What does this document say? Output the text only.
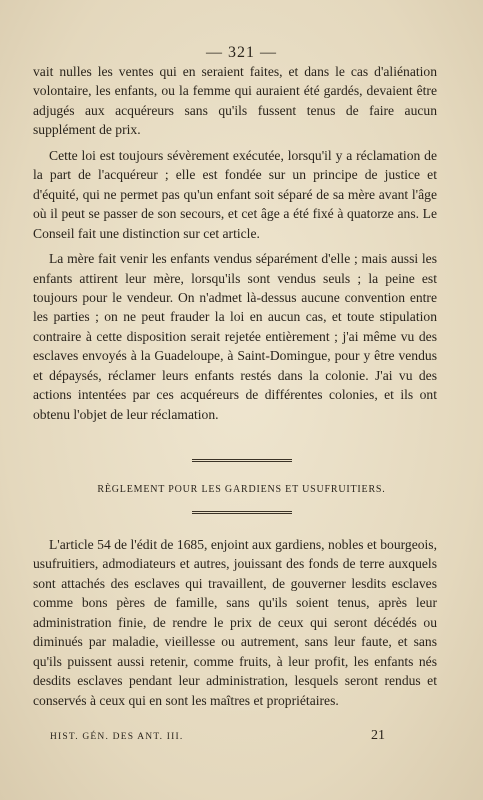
— 321 —

vait nulles les ventes qui en seraient faites, et dans le cas d'aliénation volontaire, les enfants, ou la femme qui auraient été gardés, devaient être adjugés aux acquéreurs sans qu'ils fussent tenus de faire aucun supplément de prix.

Cette loi est toujours sévèrement exécutée, lorsqu'il y a réclamation de la part de l'acquéreur ; elle est fondée sur un principe de justice et d'équité, qui ne permet pas qu'un enfant soit séparé de sa mère avant l'âge où il peut se passer de son secours, et cet âge a été fixé à quatorze ans. Le Conseil fait une distinction sur cet article.

La mère fait venir les enfants vendus séparément d'elle ; mais aussi les enfants attirent leur mère, lorsqu'ils sont vendus seuls ; la peine est toujours pour le vendeur. On n'admet là-dessus aucune convention entre les parties ; on ne peut frauder la loi en aucun cas, et toute stipulation contraire à cette disposition serait rejetée entièrement ; j'ai même vu des esclaves envoyés à la Guadeloupe, à Saint-Domingue, pour y être vendus et dépaysés, réclamer leurs enfants restés dans la colonie. J'ai vu des actions intentées par ces acquéreurs de différentes colonies, et ils ont obtenu l'objet de leur réclamation.

RÈGLEMENT POUR LES GARDIENS ET USUFRUITIERS.

L'article 54 de l'édit de 1685, enjoint aux gardiens, nobles et bourgeois, usufruitiers, admodiateurs et autres, jouissant des fonds de terre auxquels sont attachés des esclaves qui travaillent, de gouverner lesdits esclaves comme bons pères de famille, sans qu'ils soient tenus, après leur administration finie, de rendre le prix de ceux qui seront décédés ou diminués par maladie, vieillesse ou autrement, sans leur faute, et sans qu'ils puissent aussi retenir, comme fruits, à leur profit, les enfants nés desdits esclaves pendant leur administration, lesquels seront rendus et conservés à ceux qui en sont les maîtres et propriétaires.

HIST. GÉN. DES ANT. III.	21
